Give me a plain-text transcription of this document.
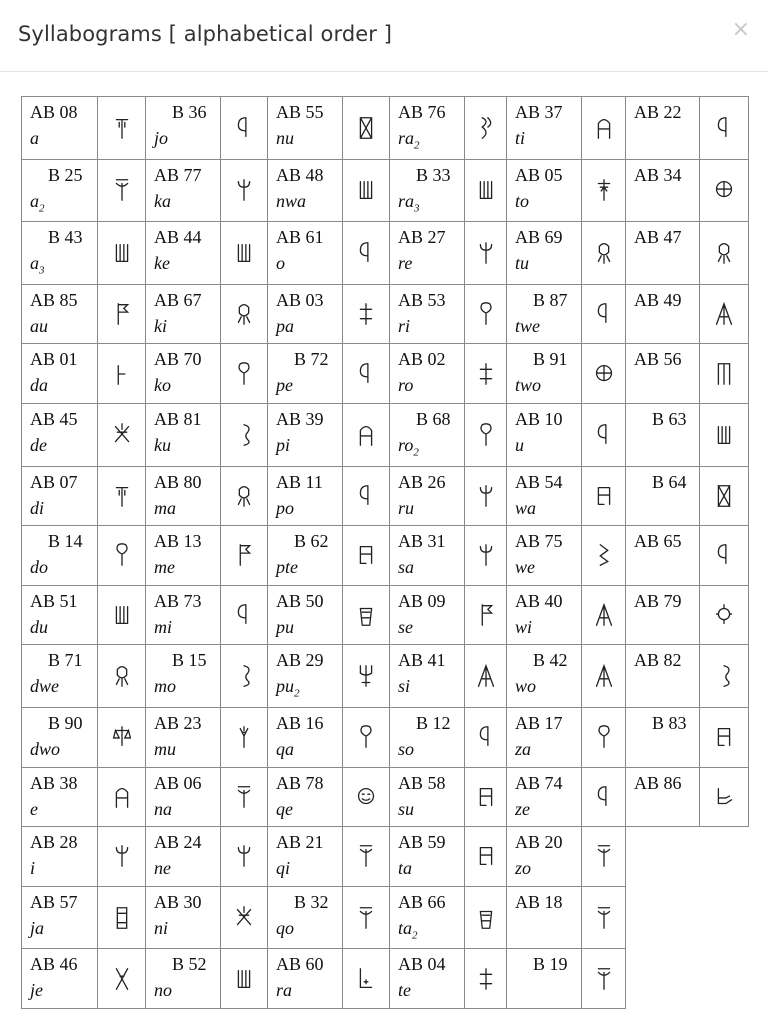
Syllabograms [ alphabetical order ]	×
AB 08
a		B 36
jo		AB 55
nu		AB 76
$ra_2$		AB 37
ti		AB 22

B 25
$a_2$		AB 77
ka		AB 48
nwa		B 33
$ra_3$		AB 05
to		AB 34

B 43
$a_3$		AB 44
ke		AB 61
o		AB 27
re		AB 69
tu		AB 47

AB 85
au		AB 67
ki		AB 03
pa		AB 53
ri		B 87
twe		AB 49

AB 01
da		AB 70
ko		B 72
pe		AB 02
ro		B 91
two		AB 56

AB 45
de		AB 81
ku		AB 39
pi		B 68
$ro_2$		AB 10
u		B 63

AB 07
di		AB 80
ma		AB 11
po		AB 26
ru		AB 54
wa		B 64

B 14
do		AB 13
me		B 62
pte		AB 31
sa		AB 75
we		AB 65

AB 51
du		AB 73
mi		AB 50
pu		AB 09
se		AB 40
wi		AB 79

B 71
dwe		B 15
mo		AB 29
$pu_2$		AB 41
si		B 42
wo		AB 82

B 90
dwo		AB 23
mu		AB 16
qa		B 12
so		AB 17
za		B 83

AB 38
e		AB 06
na		AB 78
qe		AB 58
su		AB 74
ze		AB 86

AB 28
i		AB 24
ne		AB 21
qi		AB 59
ta		AB 20
zo

AB 57
ja		AB 30
ni		B 32
qo		AB 66
$ta_2$		AB 18

AB 46
je		B 52
no		AB 60
ra		AB 04
te		B 19
